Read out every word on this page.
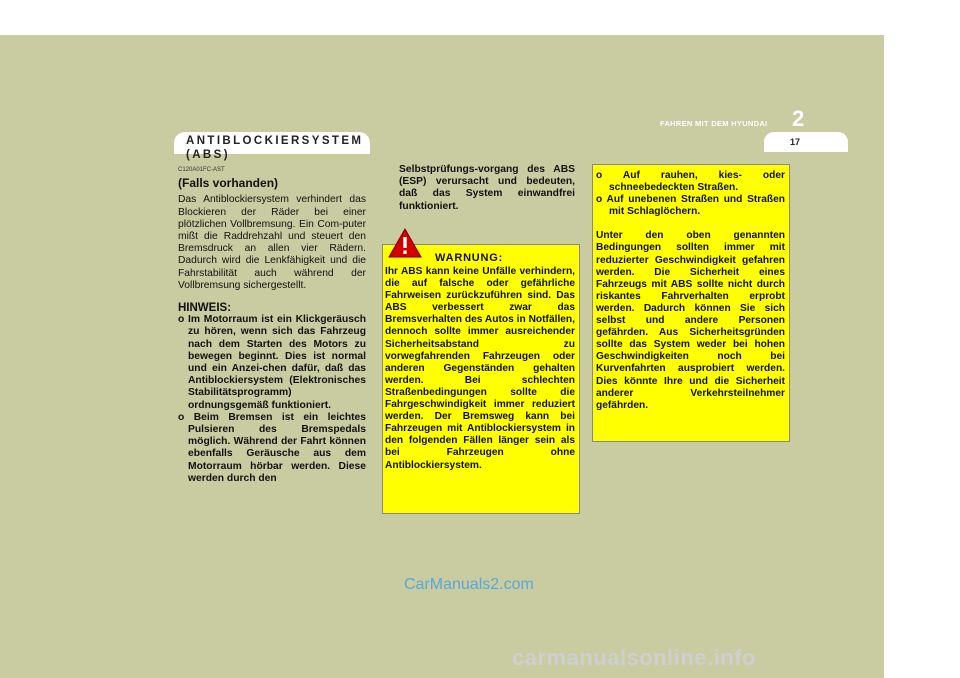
FAHREN MIT DEM HYUNDAI 2
17
ANTIBLOCKIERSYSTEM (ABS)
C120A01FC-AST
(Falls vorhanden)

Das Antiblockiersystem verhindert das Blockieren der Räder bei einer plötzlichen Vollbremsung. Ein Com-puter mißt die Raddrehzahl und steuert den Bremsdruck an allen vier Rädern. Dadurch wird die Lenkfähigkeit und die Fahrstabilität auch während der Vollbremsung sichergestellt.

HINWEIS:

o Im Motorraum ist ein Klickgeräusch zu hören, wenn sich das Fahrzeug nach dem Starten des Motors zu bewegen beginnt. Dies ist normal und ein Anzei-chen dafür, daß das Antiblockiersystem (Elektronisches Stabilitätsprogramm) ordnungsgemäß funktioniert.

o Beim Bremsen ist ein leichtes Pulsieren des Bremspedals möglich. Während der Fahrt können ebenfalls Geräusche aus dem Motorraum hörbar werden. Diese werden durch den

Selbstprüfungs-vorgang des ABS (ESP) verursacht und bedeuten, daß das System einwandfrei funktioniert.
WARNUNG:
Ihr ABS kann keine Unfälle verhindern, die auf falsche oder gefährliche Fahrweisen zurückzuführen sind. Das ABS verbessert zwar das Bremsverhalten des Autos in Notfällen, dennoch sollte immer ausreichender Sicherheitsabstand zu vorwegfahrenden Fahrzeugen oder anderen Gegenständen gehalten werden. Bei schlechten Straßenbedingungen sollte die Fahrgeschwindigkeit immer reduziert werden. Der Bremsweg kann bei Fahrzeugen mit Antiblockiersystem in den folgenden Fällen länger sein als bei Fahrzeugen ohne Antiblockiersystem.

o Auf rauhen, kies- oder schneebedeckten Straßen.

o Auf unebenen Straßen und Straßen mit Schlaglöchern.

Unter den oben genannten Bedingungen sollten immer mit reduzierter Geschwindigkeit gefahren werden. Die Sicherheit eines Fahrzeugs mit ABS sollte nicht durch riskantes Fahrverhalten erprobt werden. Dadurch können Sie sich selbst und andere Personen gefährden. Aus Sicherheitsgründen sollte das System weder bei hohen Geschwindigkeiten noch bei Kurvenfahrten ausprobiert werden. Dies könnte Ihre und die Sicherheit anderer Verkehrsteilnehmer gefährden.

CarManuals2.com
carmanualsonline.info
